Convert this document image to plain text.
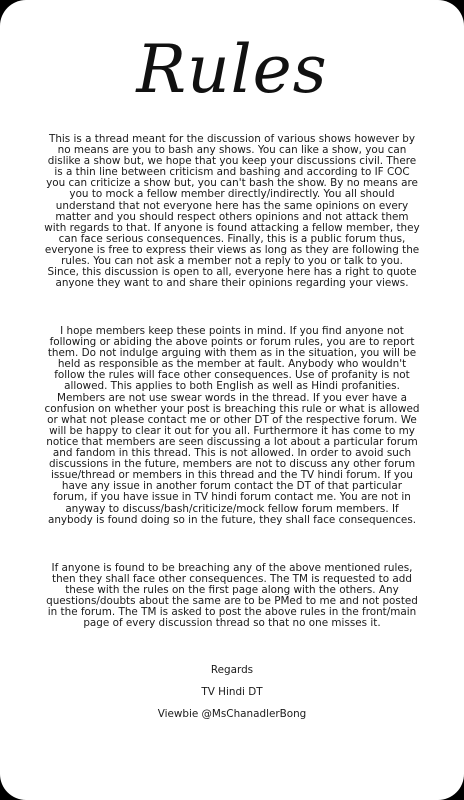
Rules
This is a thread meant for the discussion of various shows however by no means are you to bash any shows. You can like a show, you can dislike a show but, we hope that you keep your discussions civil. There is a thin line between criticism and bashing and according to IF COC you can criticize a show but, you can't bash the show. By no means are you to mock a fellow member directly/indirectly. You all should understand that not everyone here has the same opinions on every matter and you should respect others opinions and not attack them with regards to that. If anyone is found attacking a fellow member, they can face serious consequences. Finally, this is a public forum thus, everyone is free to express their views as long as they are following the rules. You can not ask a member not a reply to you or talk to you. Since, this discussion is open to all, everyone here has a right to quote anyone they want to and share their opinions regarding your views.
I hope members keep these points in mind. If you find anyone not following or abiding the above points or forum rules, you are to report them. Do not indulge arguing with them as in the situation, you will be held as responsible as the member at fault. Anybody who wouldn't follow the rules will face other consequences. Use of profanity is not allowed. This applies to both English as well as Hindi profanities. Members are not use swear words in the thread. If you ever have a confusion on whether your post is breaching this rule or what is allowed or what not please contact me or other DT of the respective forum. We will be happy to clear it out for you all. Furthermore it has come to my notice that members are seen discussing a lot about a particular forum and fandom in this thread. This is not allowed. In order to avoid such discussions in the future, members are not to discuss any other forum issue/thread or members in this thread and the TV hindi forum. If you have any issue in another forum contact the DT of that particular forum, if you have issue in TV hindi forum contact me. You are not in anyway to discuss/bash/criticize/mock fellow forum members. If anybody is found doing so in the future, they shall face consequences.
If anyone is found to be breaching any of the above mentioned rules, then they shall face other consequences. The TM is requested to add these with the rules on the first page along with the others. Any questions/doubts about the same are to be PMed to me and not posted in the forum. The TM is asked to post the above rules in the front/main page of every discussion thread so that no one misses it.
Regards
TV Hindi DT
Viewbie @MsChanadlerBong
